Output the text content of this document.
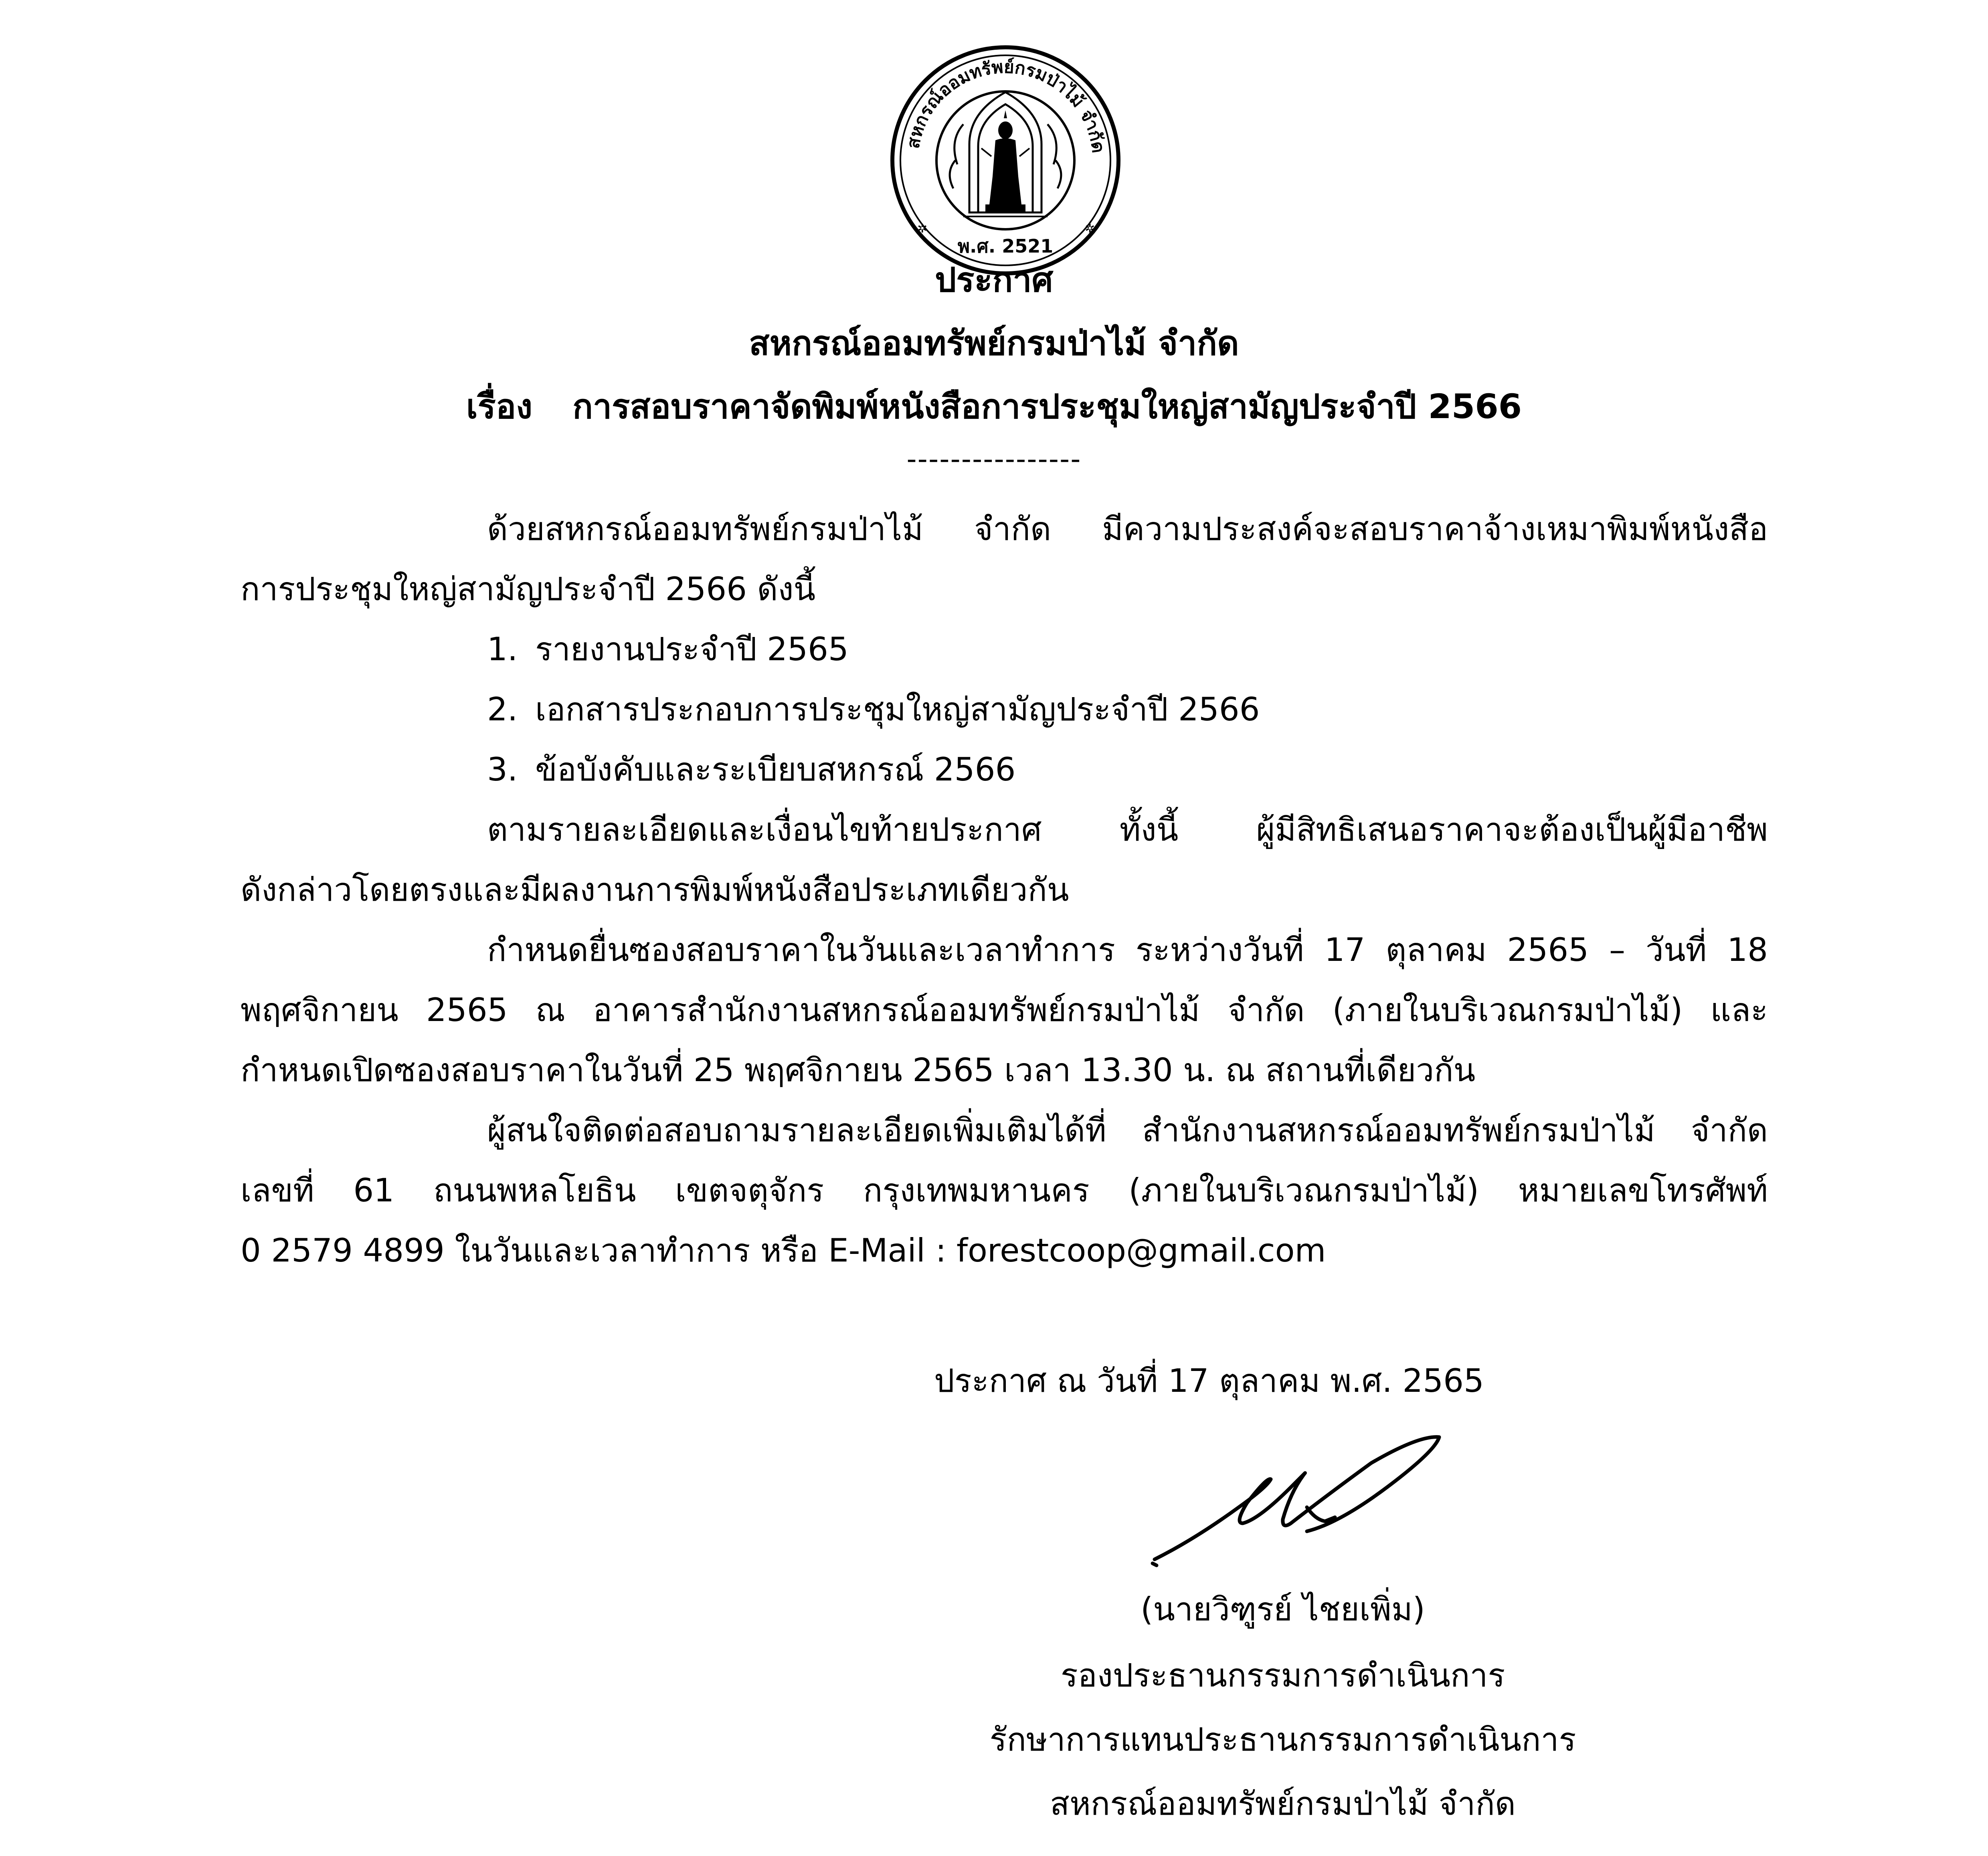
สหกรณ์ออมทรัพย์กรมป่าไม้ จำกัด
พ.ศ. 2521
✲	✲
ประกาศ
สหกรณ์ออมทรัพย์กรมป่าไม้ จำกัด
เรื่อง การสอบราคาจัดพิมพ์หนังสือการประชุมใหญ่สามัญประจำปี 2566
----------------
ด้วยสหกรณ์ออมทรัพย์กรมป่าไม้ จำกัด มีความประสงค์จะสอบราคาจ้างเหมาพิมพ์หนังสือ
การประชุมใหญ่สามัญประจำปี 2566 ดังนี้
1. รายงานประจำปี 2565
2. เอกสารประกอบการประชุมใหญ่สามัญประจำปี 2566
3. ข้อบังคับและระเบียบสหกรณ์ 2566
ตามรายละเอียดและเงื่อนไขท้ายประกาศ ทั้งนี้ ผู้มีสิทธิเสนอราคาจะต้องเป็นผู้มีอาชีพ
ดังกล่าวโดยตรงและมีผลงานการพิมพ์หนังสือประเภทเดียวกัน
กำหนดยื่นซองสอบราคาในวันและเวลาทำการ ระหว่างวันที่ 17 ตุลาคม 2565 – วันที่ 18
พฤศจิกายน 2565 ณ อาคารสำนักงานสหกรณ์ออมทรัพย์กรมป่าไม้ จำกัด (ภายในบริเวณกรมป่าไม้) และ
กำหนดเปิดซองสอบราคาในวันที่ 25 พฤศจิกายน 2565 เวลา 13.30 น. ณ สถานที่เดียวกัน
ผู้สนใจติดต่อสอบถามรายละเอียดเพิ่มเติมได้ที่ สำนักงานสหกรณ์ออมทรัพย์กรมป่าไม้ จำกัด
เลขที่ 61 ถนนพหลโยธิน เขตจตุจักร กรุงเทพมหานคร (ภายในบริเวณกรมป่าไม้) หมายเลขโทรศัพท์
0 2579 4899 ในวันและเวลาทำการ หรือ E-Mail : forestcoop@gmail.com
ประกาศ ณ วันที่ 17 ตุลาคม พ.ศ. 2565
(นายวิฑูรย์ ไชยเพิ่ม)
รองประธานกรรมการดำเนินการ
รักษาการแทนประธานกรรมการดำเนินการ
สหกรณ์ออมทรัพย์กรมป่าไม้ จำกัด
